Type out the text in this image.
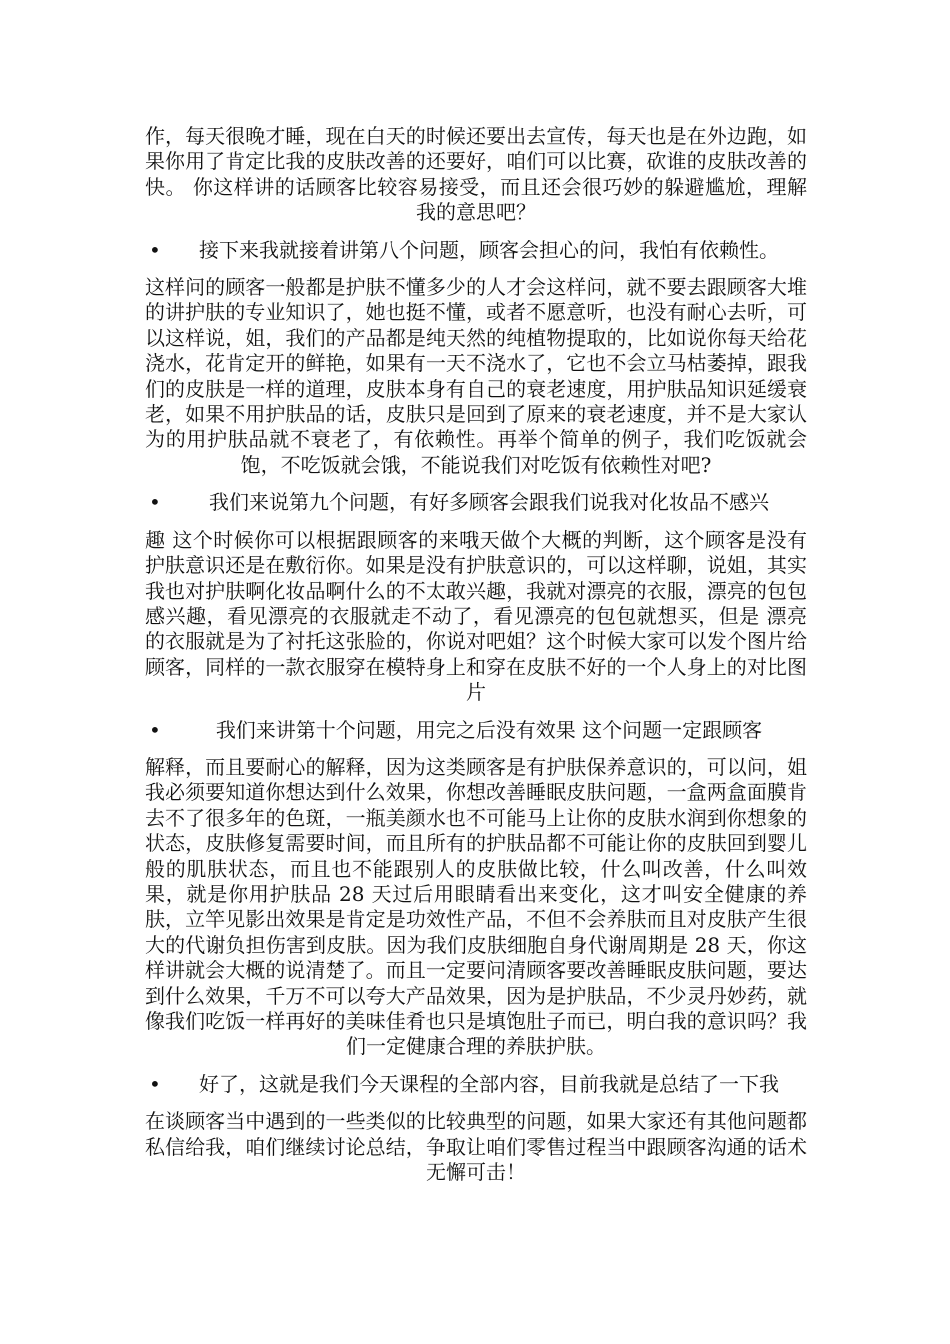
作，每天很晚才睡，现在白天的时候还要出去宣传，每天也是在外边跑，如果你用了肯定比我的皮肤改善的还要好，咱们可以比赛，砍谁的皮肤改善的快。 你这样讲的话顾客比较容易接受，而且还会很巧妙的躲避尴尬，理解我的意思吧？

• 接下来我就接着讲第八个问题，顾客会担心的问，我怕有依赖性。

这样问的顾客一般都是护肤不懂多少的人才会这样问，就不要去跟顾客大堆的讲护肤的专业知识了，她也挺不懂，或者不愿意听，也没有耐心去听，可以这样说，姐，我们的产品都是纯天然的纯植物提取的，比如说你每天给花浇水，花肯定开的鲜艳，如果有一天不浇水了，它也不会立马枯萎掉，跟我们的皮肤是一样的道理，皮肤本身有自己的衰老速度，用护肤品知识延缓衰老，如果不用护肤品的话，皮肤只是回到了原来的衰老速度，并不是大家认为的用护肤品就不衰老了，有依赖性。再举个简单的例子，我们吃饭就会饱，不吃饭就会饿，不能说我们对吃饭有依赖性对吧?

• 我们来说第九个问题，有好多顾客会跟我们说我对化妆品不感兴

趣 这个时候你可以根据跟顾客的来哦天做个大概的判断，这个顾客是没有护肤意识还是在敷衍你。如果是没有护肤意识的，可以这样聊，说姐，其实我也对护肤啊化妆品啊什么的不太敢兴趣，我就对漂亮的衣服，漂亮的包包感兴趣，看见漂亮的衣服就走不动了，看见漂亮的包包就想买，但是 漂亮的衣服就是为了衬托这张脸的，你说对吧姐？这个时候大家可以发个图片给顾客，同样的一款衣服穿在模特身上和穿在皮肤不好的一个人身上的对比图片

•	我们来讲第十个问题，用完之后没有效果 这个问题一定跟顾客

解释，而且要耐心的解释，因为这类顾客是有护肤保养意识的，可以问，姐我必须要知道你想达到什么效果，你想改善睡眠皮肤问题，一盒两盒面膜肯去不了很多年的色斑，一瓶美颜水也不可能马上让你的皮肤水润到你想象的状态，皮肤修复需要时间，而且所有的护肤品都不可能让你的皮肤回到婴儿般的肌肤状态，而且也不能跟别人的皮肤做比较，什么叫改善，什么叫效果，就是你用护肤品 28 天过后用眼睛看出来变化，这才叫安全健康的养肤，立竿见影出效果是肯定是功效性产品，不但不会养肤而且对皮肤产生很大的代谢负担伤害到皮肤。因为我们皮肤细胞自身代谢周期是 28 天，你这样讲就会大概的说清楚了。而且一定要问清顾客要改善睡眠皮肤问题，要达到什么效果，千万不可以夸大产品效果，因为是护肤品，不少灵丹妙药，就像我们吃饭一样再好的美味佳肴也只是填饱肚子而已，明白我的意识吗？我们一定健康合理的养肤护肤。

• 好了，这就是我们今天课程的全部内容，目前我就是总结了一下我

在谈顾客当中遇到的一些类似的比较典型的问题，如果大家还有其他问题都私信给我，咱们继续讨论总结，争取让咱们零售过程当中跟顾客沟通的话术无懈可击！
